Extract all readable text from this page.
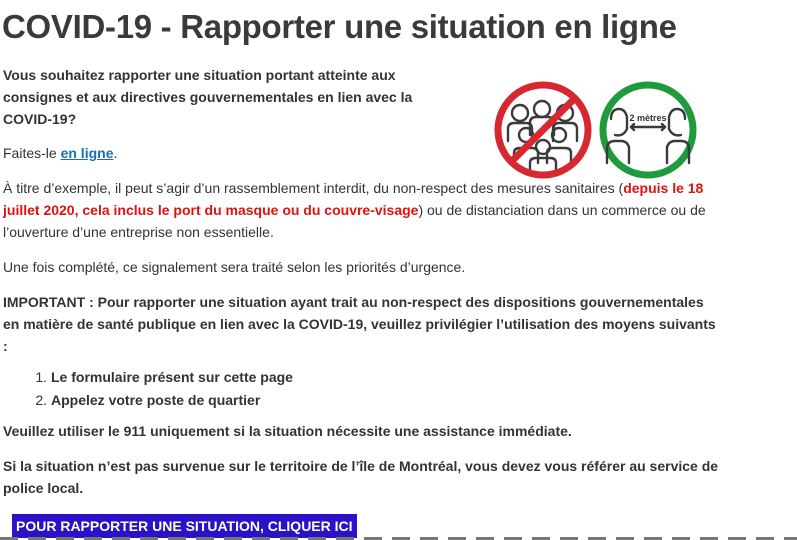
COVID-19 - Rapporter une situation en ligne

Vous souhaitez rapporter une situation portant atteinte aux consignes et aux directives gouvernementales en lien avec la COVID-19?

Faites-le en ligne.

À titre d’exemple, il peut s’agir d’un rassemblement interdit, du non-respect des mesures sanitaires (depuis le 18 juillet 2020, cela inclus le port du masque ou du couvre-visage) ou de distanciation dans un commerce ou de l’ouverture d’une entreprise non essentielle.

Une fois complété, ce signalement sera traité selon les priorités d’urgence.

IMPORTANT : Pour rapporter une situation ayant trait au non-respect des dispositions gouvernementales en matière de santé publique en lien avec la COVID-19, veuillez privilégier l’utilisation des moyens suivants :

1. Le formulaire présent sur cette page
2. Appelez votre poste de quartier

Veuillez utiliser le 911 uniquement si la situation nécessite une assistance immédiate.

Si la situation n’est pas survenue sur le territoire de l’île de Montréal, vous devez vous référer au service de police local.

POUR RAPPORTER UNE SITUATION, CLIQUER ICI
2 mètres
